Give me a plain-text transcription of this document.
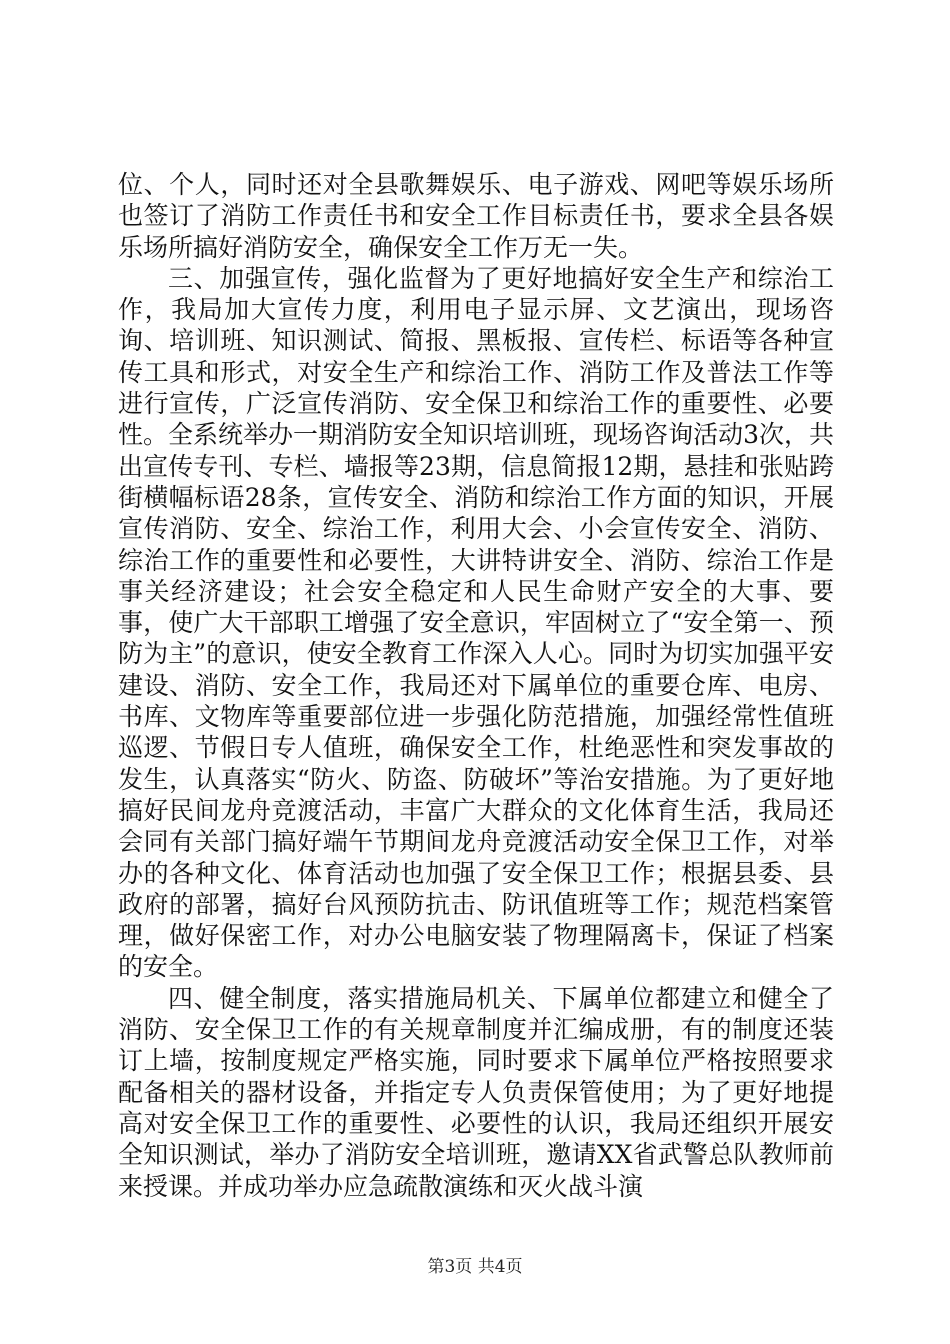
位、个人，同时还对全县歌舞娱乐、电子游戏、网吧等娱乐场所也签订了消防工作责任书和安全工作目标责任书，要求全县各娱乐场所搞好消防安全，确保安全工作万无一失。

三、加强宣传，强化监督为了更好地搞好安全生产和综治工作，我局加大宣传力度，利用电子显示屏、文艺演出，现场咨询、培训班、知识测试、简报、黑板报、宣传栏、标语等各种宣传工具和形式，对安全生产和综治工作、消防工作及普法工作等进行宣传，广泛宣传消防、安全保卫和综治工作的重要性、必要性。全系统举办一期消防安全知识培训班，现场咨询活动3次，共出宣传专刊、专栏、墙报等23期，信息简报12期，悬挂和张贴跨街横幅标语28条，宣传安全、消防和综治工作方面的知识，开展宣传消防、安全、综治工作，利用大会、小会宣传安全、消防、综治工作的重要性和必要性，大讲特讲安全、消防、综治工作是事关经济建设；社会安全稳定和人民生命财产安全的大事、要事，使广大干部职工增强了安全意识，牢固树立了“安全第一、预防为主”的意识，使安全教育工作深入人心。同时为切实加强平安建设、消防、安全工作，我局还对下属单位的重要仓库、电房、书库、文物库等重要部位进一步强化防范措施，加强经常性值班巡逻、节假日专人值班，确保安全工作，杜绝恶性和突发事故的发生，认真落实“防火、防盗、防破坏”等治安措施。为了更好地搞好民间龙舟竞渡活动，丰富广大群众的文化体育生活，我局还会同有关部门搞好端午节期间龙舟竞渡活动安全保卫工作，对举办的各种文化、体育活动也加强了安全保卫工作；根据县委、县政府的部署，搞好台风预防抗击、防讯值班等工作；规范档案管理，做好保密工作，对办公电脑安装了物理隔离卡，保证了档案的安全。

四、健全制度，落实措施局机关、下属单位都建立和健全了消防、安全保卫工作的有关规章制度并汇编成册，有的制度还装订上墙，按制度规定严格实施，同时要求下属单位严格按照要求配备相关的器材设备，并指定专人负责保管使用；为了更好地提高对安全保卫工作的重要性、必要性的认识，我局还组织开展安全知识测试，举办了消防安全培训班，邀请XX省武警总队教师前来授课。并成功举办应急疏散演练和灭火战斗演

第3页 共4页
